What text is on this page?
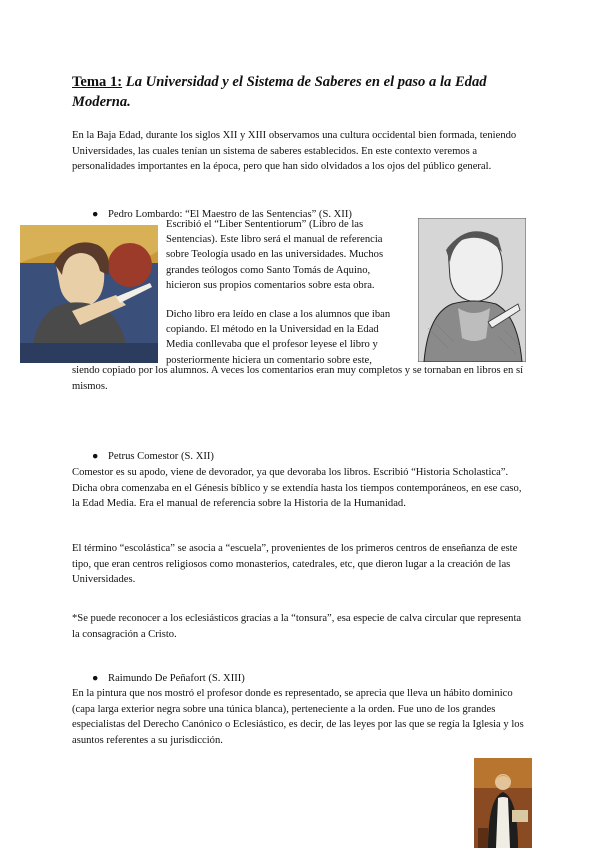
Tema 1: La Universidad y el Sistema de Saberes en el paso a la Edad Moderna.
En la Baja Edad, durante los siglos XII y XIII observamos una cultura occidental bien formada, teniendo Universidades, las cuales tenían un sistema de saberes establecidos. En este contexto veremos a personalidades importantes en la época, pero que han sido olvidados a los ojos del público general.
● Pedro Lombardo: “El Maestro de las Sentencias” (S. XII)
Escribió el “Liber Sententiorum” (Libro de las Sentencias). Este libro será el manual de referencia sobre Teología usado en las universidades. Muchos grandes teólogos como Santo Tomás de Aquino, hicieron sus propios comentarios sobre esta obra.
Dicho libro era leído en clase a los alumnos que iban copiando. El método en la Universidad en la Edad Media conllevaba que el profesor leyese el libro y posteriormente hiciera un comentario sobre este,
siendo copiado por los alumnos. A veces los comentarios eran muy completos y se tornaban en libros en sí mismos.
● Petrus Comestor (S. XII)
Comestor es su apodo, viene de devorador, ya que devoraba los libros. Escribió “Historia Scholastica”. Dicha obra comenzaba en el Génesis bíblico y se extendía hasta los tiempos contemporáneos, en ese caso, la Edad Media. Era el manual de referencia sobre la Historia de la Humanidad.
El término “escolástica” se asocia a “escuela”, provenientes de los primeros centros de enseñanza de este tipo, que eran centros religiosos como monasterios, catedrales, etc, que dieron lugar a la creación de las Universidades.
*Se puede reconocer a los eclesiásticos gracias a la “tonsura”, esa especie de calva circular que representa la consagración a Cristo.
● Raimundo De Peñafort (S. XIII)
En la pintura que nos mostró el profesor donde es representado, se aprecia que lleva un hábito dominico (capa larga exterior negra sobre una túnica blanca), perteneciente a la orden. Fue uno de los grandes especialistas del Derecho Canónico o Eclesiástico, es decir, de las leyes por las que se regía la Iglesia y los asuntos referentes a su jurisdicción.
